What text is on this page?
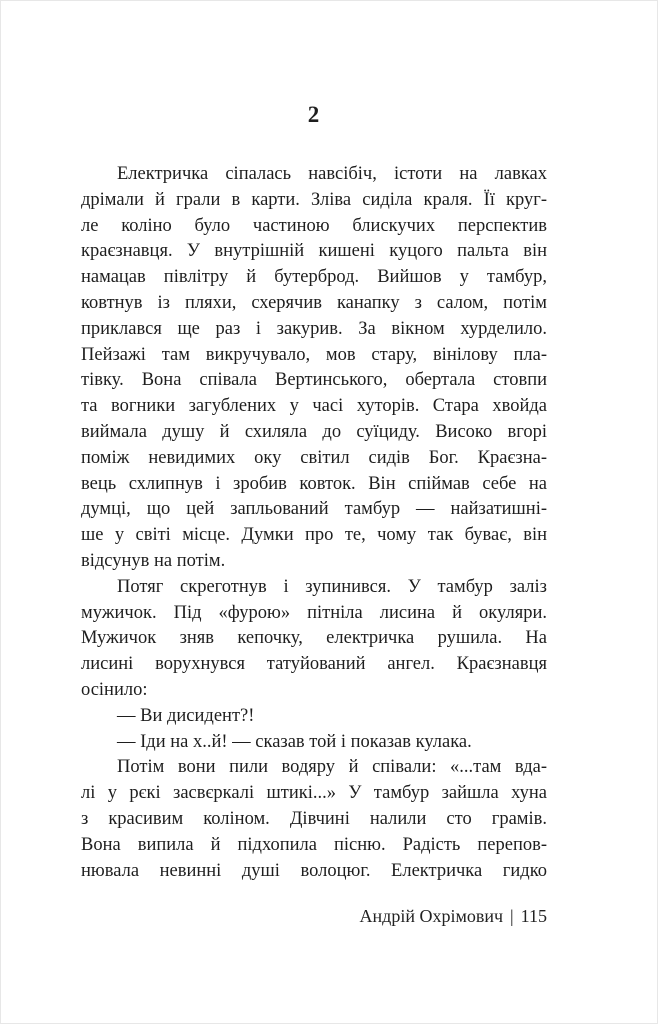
2
Електричка сіпалась навсібіч, істоти на лавках
дрімали й грали в карти. Зліва сиділа краля. Її круг-
ле коліно було частиною блискучих перспектив
краєзнавця. У внутрішній кишені куцого пальта він
намацав півлітру й бутерброд. Вийшов у тамбур,
ковтнув із пляхи, схерячив канапку з салом, потім
приклався ще раз і закурив. За вікном хурделило.
Пейзажі там викручувало, мов стару, вінілову пла-
тівку. Вона співала Вертинського, обертала стовпи
та вогники загублених у часі хуторів. Стара хвойда
виймала душу й схиляла до суїциду. Високо вгорі
поміж невидимих оку світил сидів Бог. Краєзна-
вець схлипнув і зробив ковток. Він спіймав себе на
думці, що цей запльований тамбур — найзатишні-
ше у світі місце. Думки про те, чому так буває, він
відсунув на потім.
Потяг скреготнув і зупинився. У тамбур заліз
мужичок. Під «фурою» пітніла лисина й окуляри.
Мужичок зняв кепочку, електричка рушила. На
лисині ворухнувся татуйований ангел. Краєзнавця
осінило:
— Ви дисидент?!
— Іди на х..й! — сказав той і показав кулака.
Потім вони пили водяру й співали: «...там вда-
лі у рєкі засвєркалі штикі...» У тамбур зайшла хуна
з красивим коліном. Дівчині налили сто грамів.
Вона випила й підхопила пісню. Радість перепов-
нювала невинні душі волоцюг. Електричка гидко
Андрій Охрімович | 115
